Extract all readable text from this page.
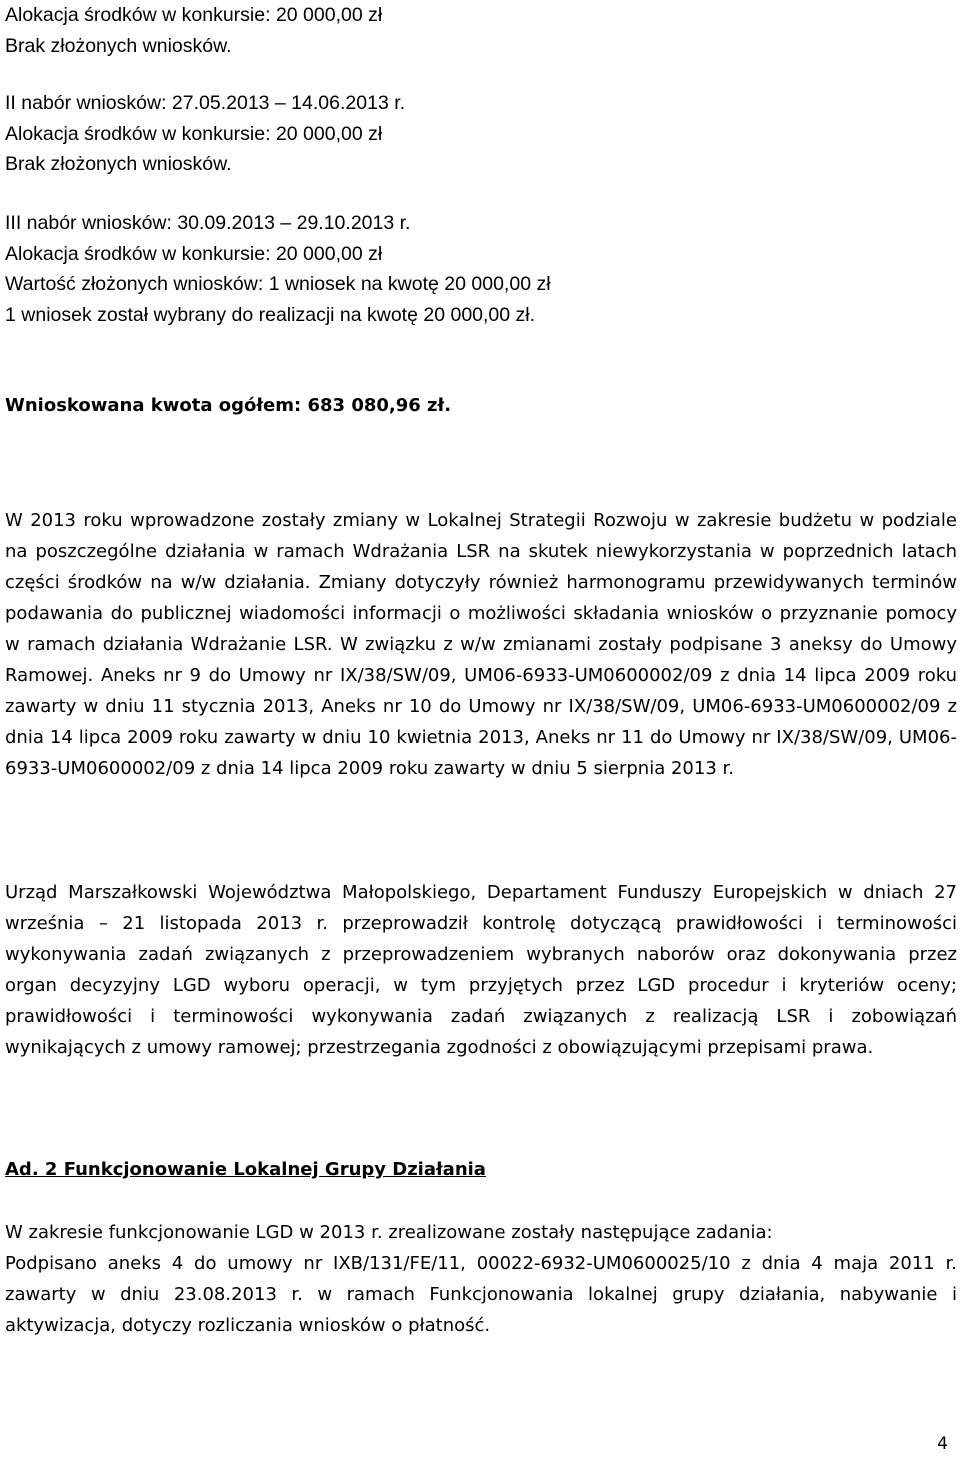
Alokacja środków w konkursie: 20 000,00 zł
Brak złożonych wniosków.
II nabór wniosków: 27.05.2013 – 14.06.2013 r.
Alokacja środków w konkursie: 20 000,00 zł
Brak złożonych wniosków.
III nabór wniosków: 30.09.2013 – 29.10.2013 r.
Alokacja środków w konkursie: 20 000,00 zł
Wartość złożonych wniosków: 1 wniosek na kwotę 20 000,00 zł
1 wniosek został wybrany do realizacji na kwotę 20 000,00 zł.

Wnioskowana kwota ogółem: 683 080,96 zł.

W 2013 roku wprowadzone zostały zmiany w Lokalnej Strategii Rozwoju w zakresie budżetu w podziale na poszczególne działania w ramach Wdrażania LSR na skutek niewykorzystania w poprzednich latach części środków na w/w działania. Zmiany dotyczyły również harmonogramu przewidywanych terminów podawania do publicznej wiadomości informacji o możliwości składania wniosków o przyznanie pomocy w ramach działania Wdrażanie LSR. W związku z w/w zmianami zostały podpisane 3 aneksy do Umowy Ramowej. Aneks nr 9 do Umowy nr IX/38/SW/09, UM06-6933-UM0600002/09 z dnia 14 lipca 2009 roku zawarty w dniu 11 stycznia 2013, Aneks nr 10 do Umowy nr IX/38/SW/09, UM06-6933-UM0600002/09 z dnia 14 lipca 2009 roku zawarty w dniu 10 kwietnia 2013, Aneks nr 11 do Umowy nr IX/38/SW/09, UM06-6933-UM0600002/09 z dnia 14 lipca 2009 roku zawarty w dniu 5 sierpnia 2013 r.

Urząd Marszałkowski Województwa Małopolskiego, Departament Funduszy Europejskich w dniach 27 września – 21 listopada 2013 r. przeprowadził kontrolę dotyczącą prawidłowości i terminowości wykonywania zadań związanych z przeprowadzeniem wybranych naborów oraz dokonywania przez organ decyzyjny LGD wyboru operacji, w tym przyjętych przez LGD procedur i kryteriów oceny; prawidłowości i terminowości wykonywania zadań związanych z realizacją LSR i zobowiązań wynikających z umowy ramowej; przestrzegania zgodności z obowiązującymi przepisami prawa.

Ad. 2 Funkcjonowanie Lokalnej Grupy Działania

W zakresie funkcjonowanie LGD w 2013 r. zrealizowane zostały następujące zadania:

Podpisano aneks 4 do umowy nr IXB/131/FE/11, 00022-6932-UM0600025/10 z dnia 4 maja 2011 r. zawarty w dniu 23.08.2013 r. w ramach Funkcjonowania lokalnej grupy działania, nabywanie i aktywizacja, dotyczy rozliczania wniosków o płatność.

4
